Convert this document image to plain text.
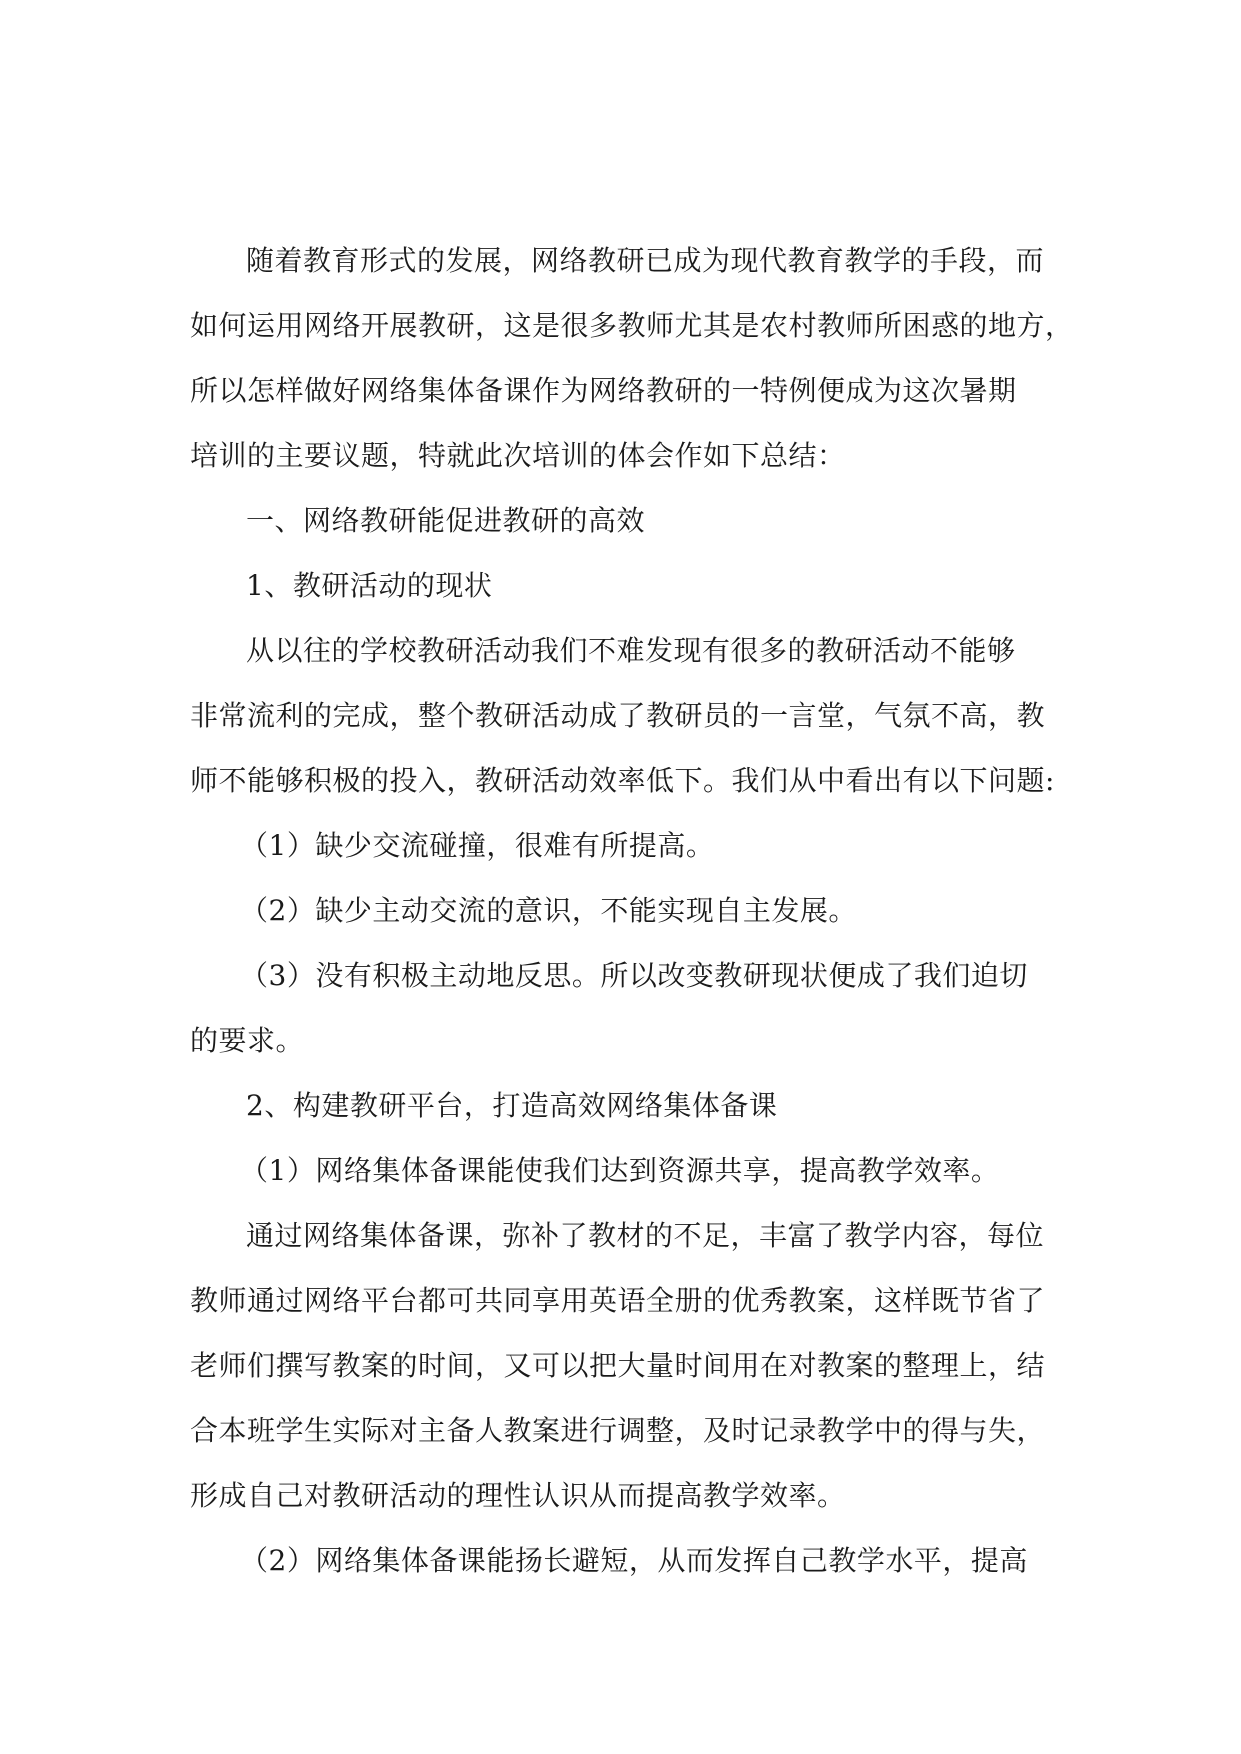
随着教育形式的发展，网络教研已成为现代教育教学的手段，而
如何运用网络开展教研，这是很多教师尤其是农村教师所困惑的地方，
所以怎样做好网络集体备课作为网络教研的一特例便成为这次暑期
培训的主要议题，特就此次培训的体会作如下总结：
一、网络教研能促进教研的高效
1、教研活动的现状
从以往的学校教研活动我们不难发现有很多的教研活动不能够
非常流利的完成，整个教研活动成了教研员的一言堂，气氛不高，教
师不能够积极的投入，教研活动效率低下。我们从中看出有以下问题:
（1）缺少交流碰撞，很难有所提高。
（2）缺少主动交流的意识，不能实现自主发展。
（3）没有积极主动地反思。所以改变教研现状便成了我们迫切
的要求。
2、构建教研平台，打造高效网络集体备课
（1）网络集体备课能使我们达到资源共享，提高教学效率。
通过网络集体备课，弥补了教材的不足，丰富了教学内容，每位
教师通过网络平台都可共同享用英语全册的优秀教案，这样既节省了
老师们撰写教案的时间，又可以把大量时间用在对教案的整理上，结
合本班学生实际对主备人教案进行调整，及时记录教学中的得与失，
形成自己对教研活动的理性认识从而提高教学效率。
（2）网络集体备课能扬长避短，从而发挥自己教学水平，提高
